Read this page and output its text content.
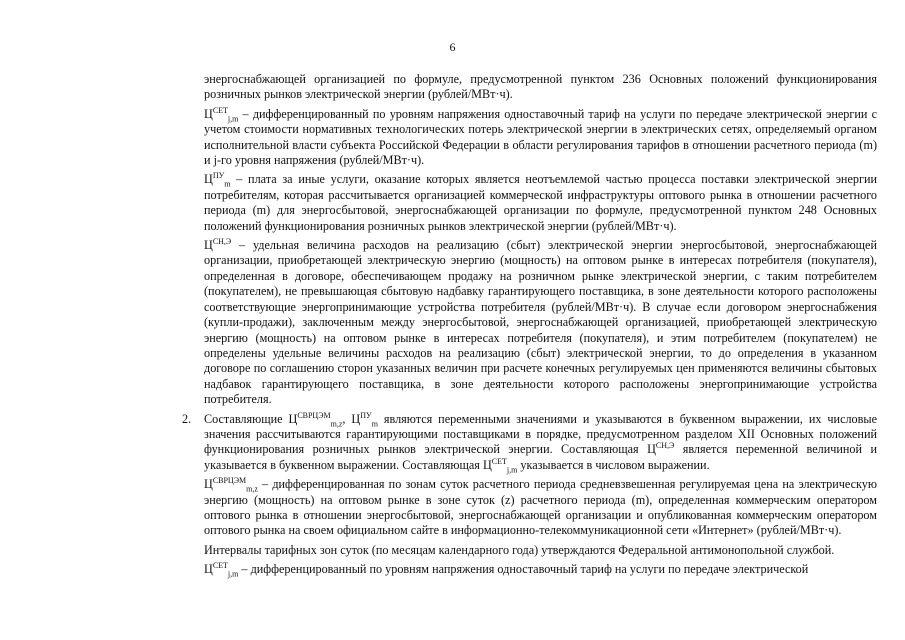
6

энергоснабжающей организацией по формуле, предусмотренной пунктом 236 Основных положений функционирования розничных рынков электрической энергии (рублей/МВт·ч).

$Ц^{СЕТ}_{j,m}$ – дифференцированный по уровням напряжения одноставочный тариф на услуги по передаче электрической энергии с учетом стоимости нормативных технологических потерь электрической энергии в электрических сетях, определяемый органом исполнительной власти субъекта Российской Федерации в области регулирования тарифов в отношении расчетного периода (m) и j-го уровня напряжения (рублей/МВт·ч).

$Ц^{ПУ}_m$ – плата за иные услуги, оказание которых является неотъемлемой частью процесса поставки электрической энергии потребителям, которая рассчитывается организацией коммерческой инфраструктуры оптового рынка в отношении расчетного периода (m) для энергосбытовой, энергоснабжающей организации по формуле, предусмотренной пунктом 248 Основных положений функционирования розничных рынков электрической энергии (рублей/МВт·ч).

$Ц^{СН,Э}$ – удельная величина расходов на реализацию (сбыт) электрической энергии энергосбытовой, энергоснабжающей организации, приобретающей электрическую энергию (мощность) на оптовом рынке в интересах потребителя (покупателя), определенная в договоре, обеспечивающем продажу на розничном рынке электрической энергии, с таким потребителем (покупателем), не превышающая сбытовую надбавку гарантирующего поставщика, в зоне деятельности которого расположены соответствующие энергопринимающие устройства потребителя (рублей/МВт·ч). В случае если договором энергоснабжения (купли-продажи), заключенным между энергосбытовой, энергоснабжающей организацией, приобретающей электрическую энергию (мощность) на оптовом рынке в интересах потребителя (покупателя), и этим потребителем (покупателем) не определены удельные величины расходов на реализацию (сбыт) электрической энергии, то до определения в указанном договоре по соглашению сторон указанных величин при расчете конечных регулируемых цен применяются величины сбытовых надбавок гарантирующего поставщика, в зоне деятельности которого расположены энергопринимающие устройства потребителя.

2. Составляющие $Ц^{СВРЦЭМ}_{m,z}$, $Ц^{ПУ}_m$ являются переменными значениями и указываются в буквенном выражении, их числовые значения рассчитываются гарантирующими поставщиками в порядке, предусмотренном разделом XII Основных положений функционирования розничных рынков электрической энергии. Составляющая $Ц^{СН,Э}$ является переменной величиной и указывается в буквенном выражении. Составляющая $Ц^{СЕТ}_{j,m}$ указывается в числовом выражении.

$Ц^{СВРЦЭМ}_{m,z}$ – дифференцированная по зонам суток расчетного периода средневзвешенная регулируемая цена на электрическую энергию (мощность) на оптовом рынке в зоне суток (z) расчетного периода (m), определенная коммерческим оператором оптового рынка в отношении энергосбытовой, энергоснабжающей организации и опубликованная коммерческим оператором оптового рынка на своем официальном сайте в информационно-телекоммуникационной сети «Интернет» (рублей/МВт·ч).

Интервалы тарифных зон суток (по месяцам календарного года) утверждаются Федеральной антимонопольной службой.

$Ц^{СЕТ}_{j,m}$ – дифференцированный по уровням напряжения одноставочный тариф на услуги по передаче электрической
